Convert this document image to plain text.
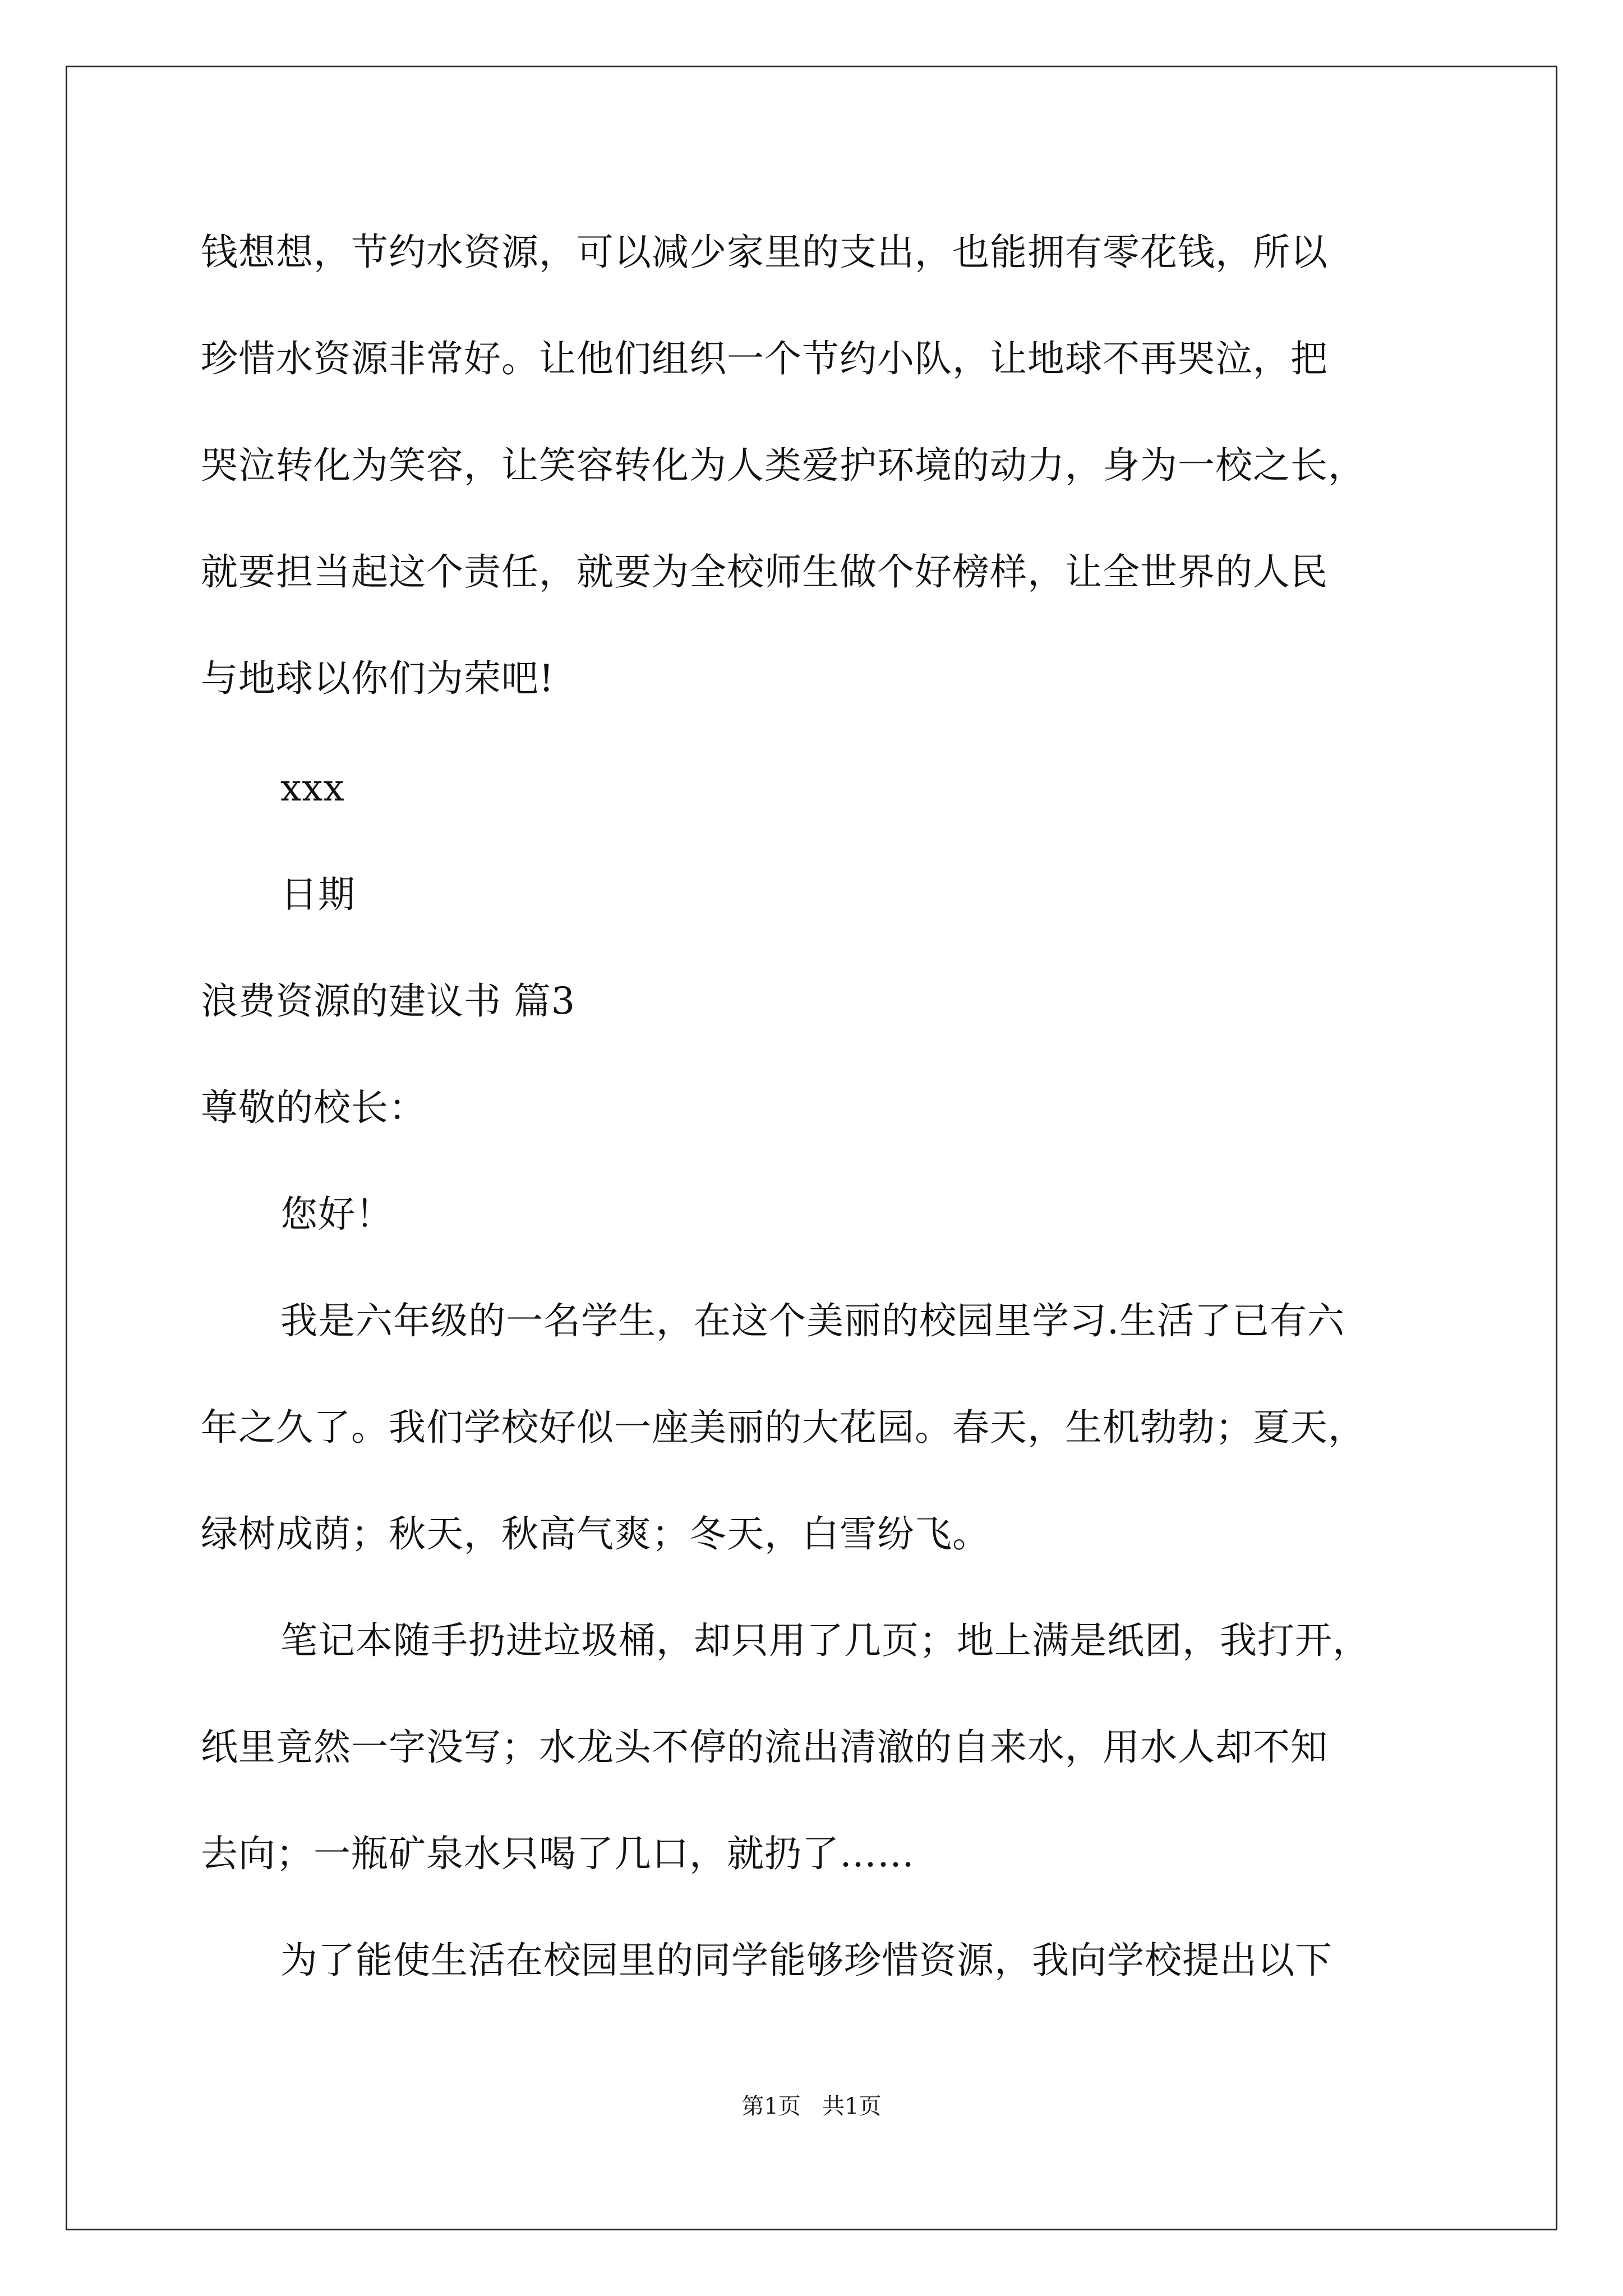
钱想想，节约水资源，可以减少家里的支出，也能拥有零花钱，所以
珍惜水资源非常好。让他们组织一个节约小队，让地球不再哭泣，把
哭泣转化为笑容，让笑容转化为人类爱护环境的动力，身为一校之长，
就要担当起这个责任，就要为全校师生做个好榜样，让全世界的人民
与地球以你们为荣吧!
xxx
日期
浪费资源的建议书 篇3
尊敬的校长：
您好！
我是六年级的一名学生，在这个美丽的校园里学习.生活了已有六
年之久了。我们学校好似一座美丽的大花园。春天，生机勃勃；夏天，
绿树成荫；秋天，秋高气爽；冬天，白雪纷飞。
笔记本随手扔进垃圾桶，却只用了几页；地上满是纸团，我打开，
纸里竟然一字没写；水龙头不停的流出清澈的自来水，用水人却不知
去向；一瓶矿泉水只喝了几口，就扔了……
为了能使生活在校园里的同学能够珍惜资源，我向学校提出以下
第1页   共1页
